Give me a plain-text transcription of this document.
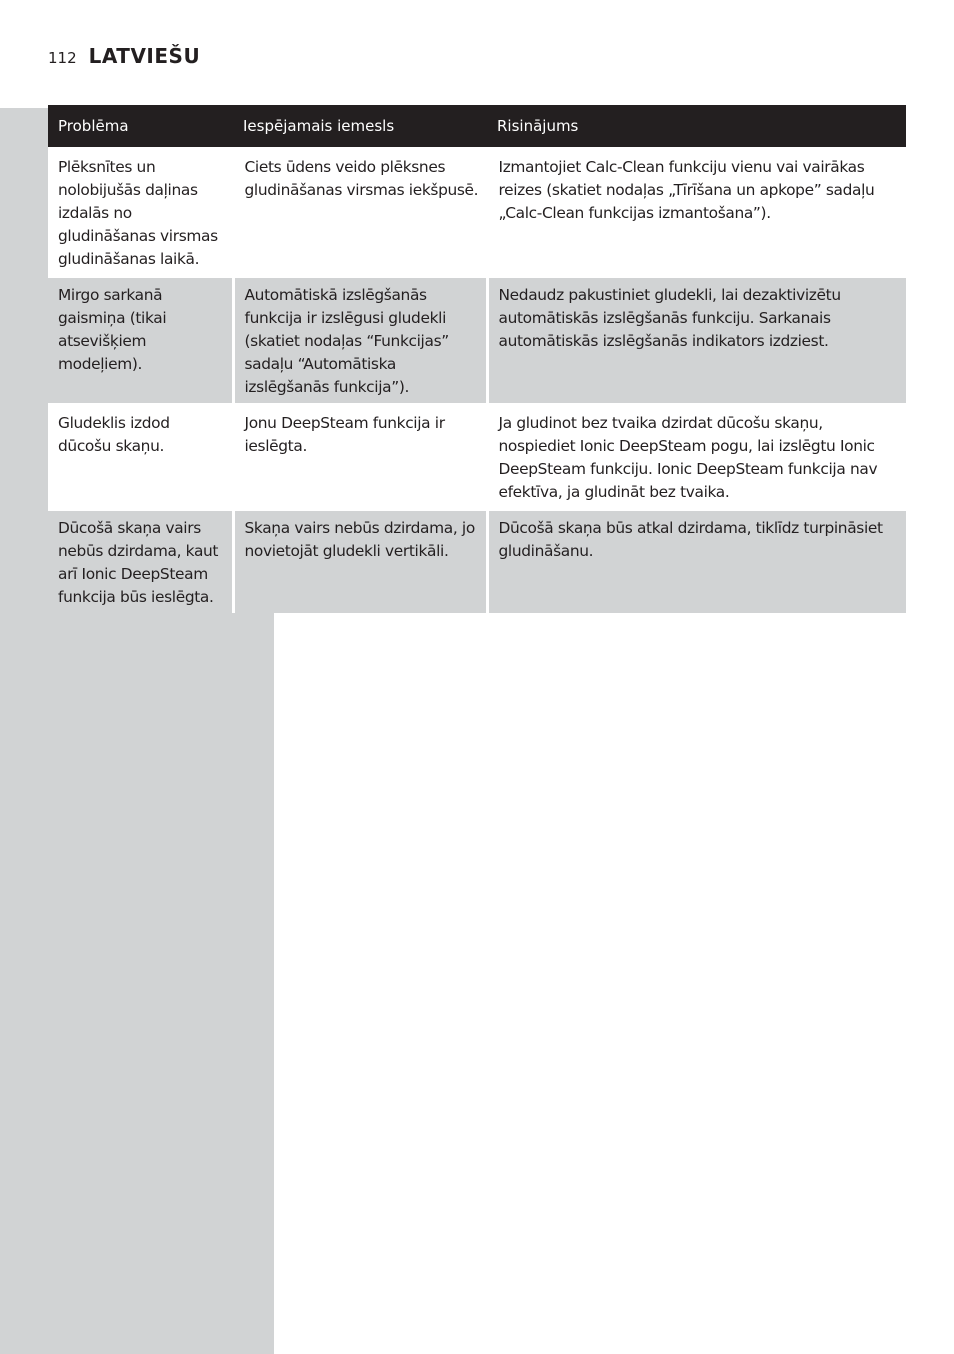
112 LATVIEŠU
Problēma	Iespējamais iemesls	Risinājums
Plēksnītes un nolobijušās daļinas izdalās no gludināšanas virsmas gludināšanas laikā.	Ciets ūdens veido plēksnes gludināšanas virsmas iekšpusē.	Izmantojiet Calc-Clean funkciju vienu vai vairākas reizes (skatiet nodaļas „Tīrīšana un apkope” sadaļu „Calc-Clean funkcijas izmantošana”).
Mirgo sarkanā gaismiņa (tikai atsevišķiem modeļiem).	Automātiskā izslēgšanās funkcija ir izslēgusi gludekli (skatiet nodaļas “Funkcijas” sadaļu “Automātiska izslēgšanās funkcija”).	Nedaudz pakustiniet gludekli, lai dezaktivizētu automātiskās izslēgšanās funkciju. Sarkanais automātiskās izslēgšanās indikators izdziest.
Gludeklis izdod dūcošu skaņu.	Jonu DeepSteam funkcija ir ieslēgta.	Ja gludinot bez tvaika dzirdat dūcošu skaņu, nospiediet Ionic DeepSteam pogu, lai izslēgtu Ionic DeepSteam funkciju. Ionic DeepSteam funkcija nav efektīva, ja gludināt bez tvaika.
Dūcošā skaņa vairs nebūs dzirdama, kaut arī Ionic DeepSteam funkcija būs ieslēgta.	Skaņa vairs nebūs dzirdama, jo novietojāt gludekli vertikāli.	Dūcošā skaņa būs atkal dzirdama, tiklīdz turpināsiet gludināšanu.
